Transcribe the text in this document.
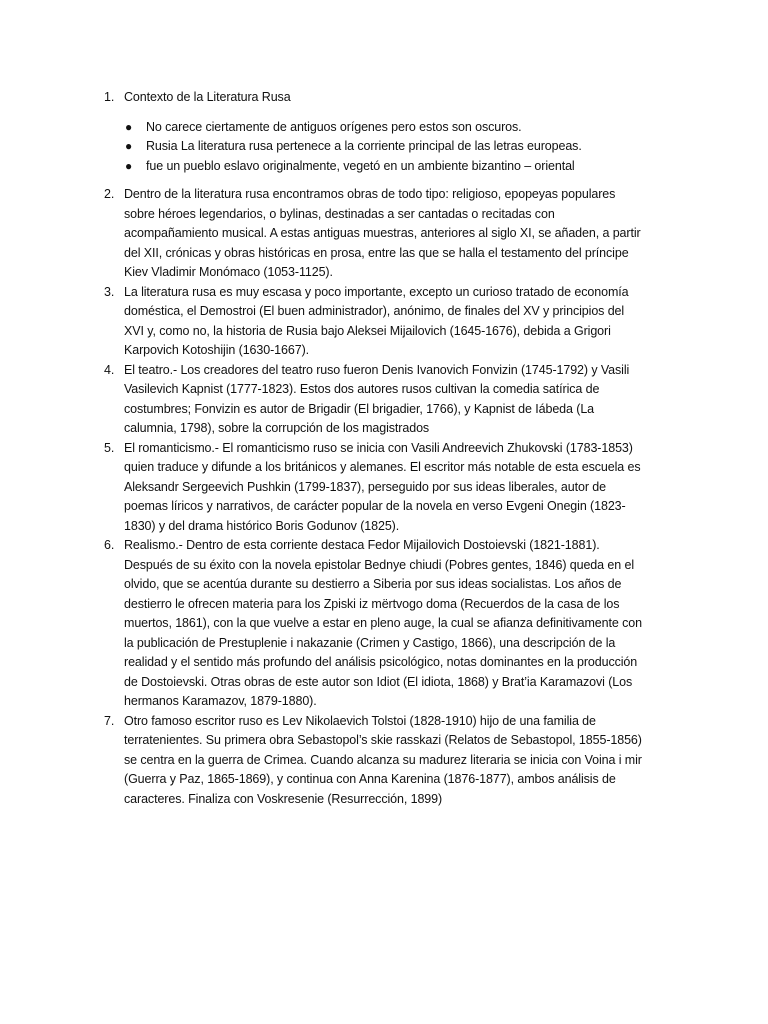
1. Contexto de la Literatura Rusa
● No carece ciertamente de antiguos orígenes pero estos son oscuros.
● Rusia La literatura rusa pertenece a la corriente principal de las letras europeas.
● fue un pueblo eslavo originalmente, vegetó en un ambiente bizantino – oriental
2. Dentro de la literatura rusa encontramos obras de todo tipo: religioso, epopeyas populares sobre héroes legendarios, o bylinas, destinadas a ser cantadas o recitadas con acompañamiento musical. A estas antiguas muestras, anteriores al siglo XI, se añaden, a partir del XII, crónicas y obras históricas en prosa, entre las que se halla el testamento del príncipe Kiev Vladimir Monómaco (1053-1125).
3. La literatura rusa es muy escasa y poco importante, excepto un curioso tratado de economía doméstica, el Demostroi (El buen administrador), anónimo, de finales del XV y principios del XVI y, como no, la historia de Rusia bajo Aleksei Mijailovich (1645-1676), debida a Grigori Karpovich Kotoshijin (1630-1667).
4. El teatro.- Los creadores del teatro ruso fueron Denis Ivanovich Fonvizin (1745-1792) y Vasili Vasilevich Kapnist (1777-1823). Estos dos autores rusos cultivan la comedia satírica de costumbres; Fonvizin es autor de Brigadir (El brigadier, 1766), y Kapnist de Iábeda (La calumnia, 1798), sobre la corrupción de los magistrados
5. El romanticismo.- El romanticismo ruso se inicia con Vasili Andreevich Zhukovski (1783-1853) quien traduce y difunde a los británicos y alemanes. El escritor más notable de esta escuela es Aleksandr Sergeevich Pushkin (1799-1837), perseguido por sus ideas liberales, autor de poemas líricos y narrativos, de carácter popular de la novela en verso Evgeni Onegin (1823-1830) y del drama histórico Boris Godunov (1825).
6. Realismo.- Dentro de esta corriente destaca Fedor Mijailovich Dostoievski (1821-1881). Después de su éxito con la novela epistolar Bednye chiudi (Pobres gentes, 1846) queda en el olvido, que se acentúa durante su destierro a Siberia por sus ideas socialistas. Los años de destierro le ofrecen materia para los Zpiski iz mërtvogo doma (Recuerdos de la casa de los muertos, 1861), con la que vuelve a estar en pleno auge, la cual se afianza definitivamente con la publicación de Prestuplenie i nakazanie (Crimen y Castigo, 1866), una descripción de la realidad y el sentido más profundo del análisis psicológico, notas dominantes en la producción de Dostoievski. Otras obras de este autor son Idiot (El idiota, 1868) y Brat’ia Karamazovi (Los hermanos Karamazov, 1879-1880).
7. Otro famoso escritor ruso es Lev Nikolaevich Tolstoi (1828-1910) hijo de una familia de terratenientes. Su primera obra Sebastopol’s skie rasskazi (Relatos de Sebastopol, 1855-1856) se centra en la guerra de Crimea. Cuando alcanza su madurez literaria se inicia con Voina i mir (Guerra y Paz, 1865-1869), y continua con Anna Karenina (1876-1877), ambos análisis de caracteres. Finaliza con Voskresenie (Resurrección, 1899)
